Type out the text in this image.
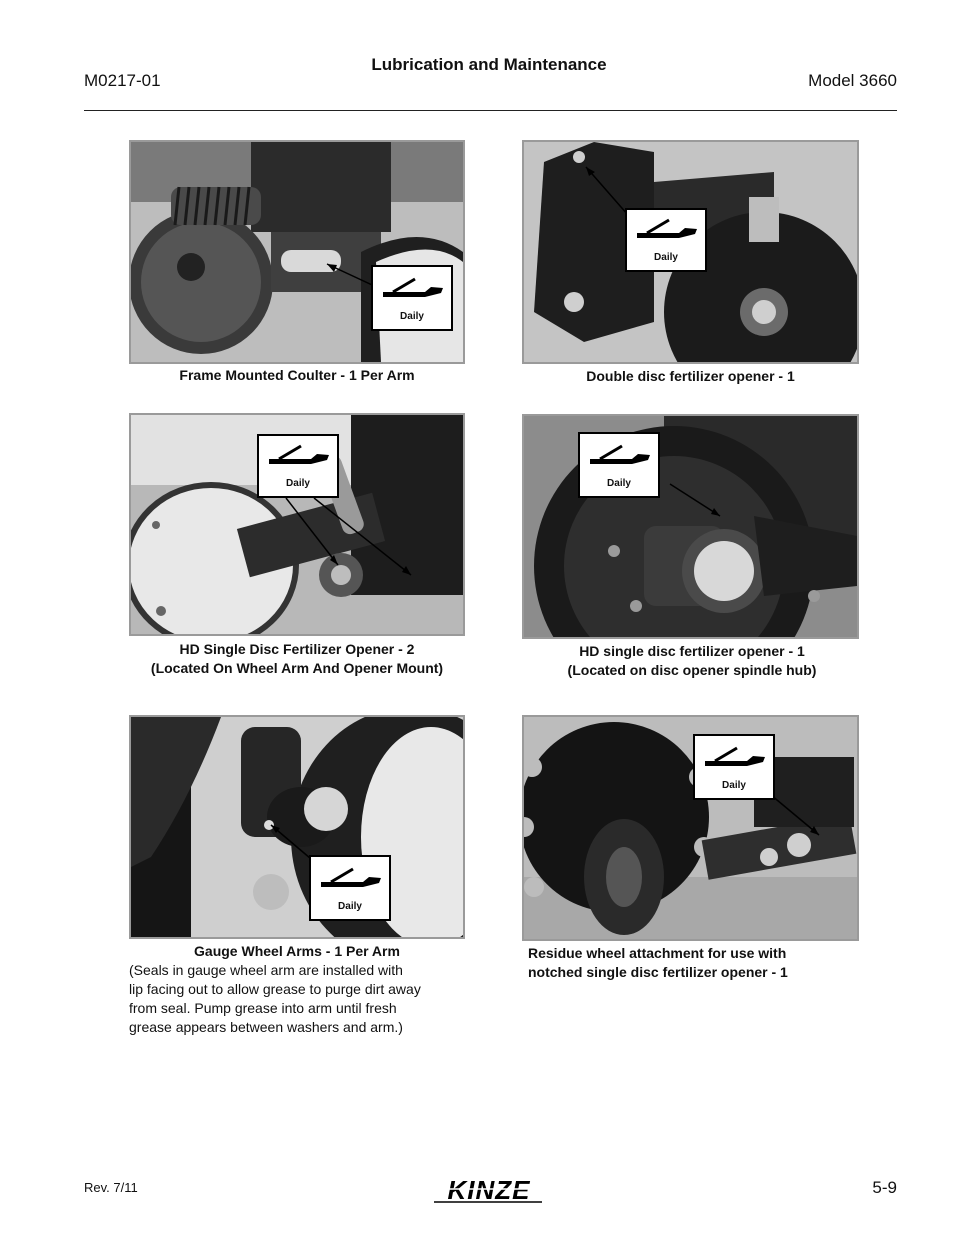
Lubrication and Maintenance
M0217-01	Model 3660
Daily
Frame Mounted Coulter - 1 Per Arm
Daily
Double disc fertilizer opener - 1
Daily
HD Single Disc Fertilizer Opener - 2
(Located On Wheel Arm And Opener Mount)
Daily
HD single disc fertilizer opener - 1
(Located on disc opener spindle hub)
Daily
Gauge Wheel Arms - 1 Per Arm
(Seals in gauge wheel arm are installed with
lip facing out to allow grease to purge dirt away
from seal. Pump grease into arm until fresh
grease appears between washers and arm.)
Daily
Residue wheel attachment for use with
notched single disc fertilizer opener - 1
Rev. 7/11	KINZE	5-9
